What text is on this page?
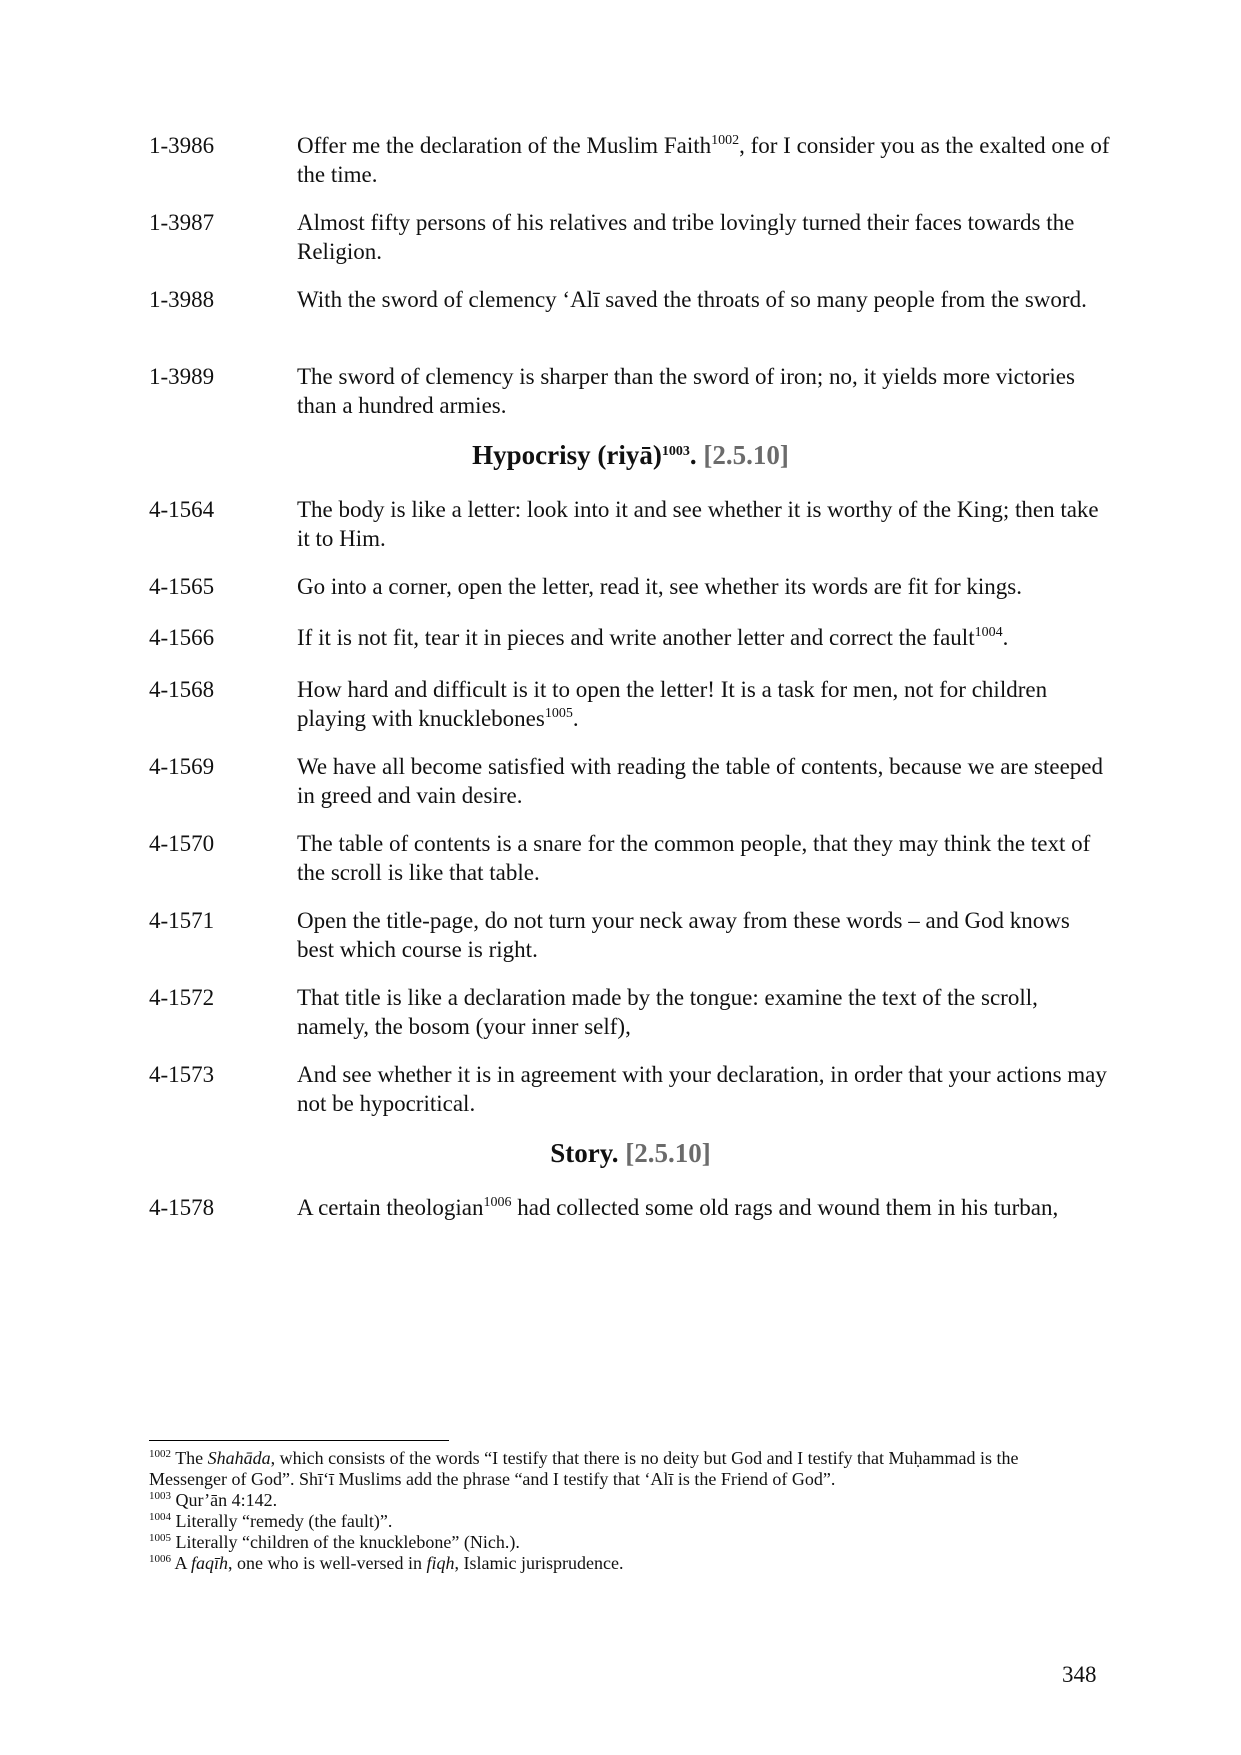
1-3986	Offer me the declaration of the Muslim Faith$^{1002}$, for I consider you as the exalted one of the time.
1-3987	Almost fifty persons of his relatives and tribe lovingly turned their faces towards the Religion.
1-3988	With the sword of clemency ‘Alī saved the throats of so many people from the sword.
1-3989	The sword of clemency is sharper than the sword of iron; no, it yields more victories than a hundred armies.
Hypocrisy (riyā)$^{1003}$. [2.5.10]
4-1564	The body is like a letter: look into it and see whether it is worthy of the King; then take it to Him.
4-1565	Go into a corner, open the letter, read it, see whether its words are fit for kings.
4-1566	If it is not fit, tear it in pieces and write another letter and correct the fault$^{1004}$.
4-1568	How hard and difficult is it to open the letter! It is a task for men, not for children playing with knucklebones$^{1005}$.
4-1569	We have all become satisfied with reading the table of contents, because we are steeped in greed and vain desire.
4-1570	The table of contents is a snare for the common people, that they may think the text of the scroll is like that table.
4-1571	Open the title-page, do not turn your neck away from these words – and God knows best which course is right.
4-1572	That title is like a declaration made by the tongue: examine the text of the scroll, namely, the bosom (your inner self),
4-1573	And see whether it is in agreement with your declaration, in order that your actions may not be hypocritical.
Story. [2.5.10]
4-1578	A certain theologian$^{1006}$ had collected some old rags and wound them in his turban,

$^{1002}$ The Shahāda, which consists of the words “I testify that there is no deity but God and I testify that Muḥammad is the Messenger of God”. Shī‘ī Muslims add the phrase “and I testify that ‘Alī is the Friend of God”.

$^{1003}$ Qur’ān 4:142.

$^{1004}$ Literally “remedy (the fault)”.

$^{1005}$ Literally “children of the knucklebone” (Nich.).

$^{1006}$ A faqīh, one who is well-versed in fiqh, Islamic jurisprudence.

348
